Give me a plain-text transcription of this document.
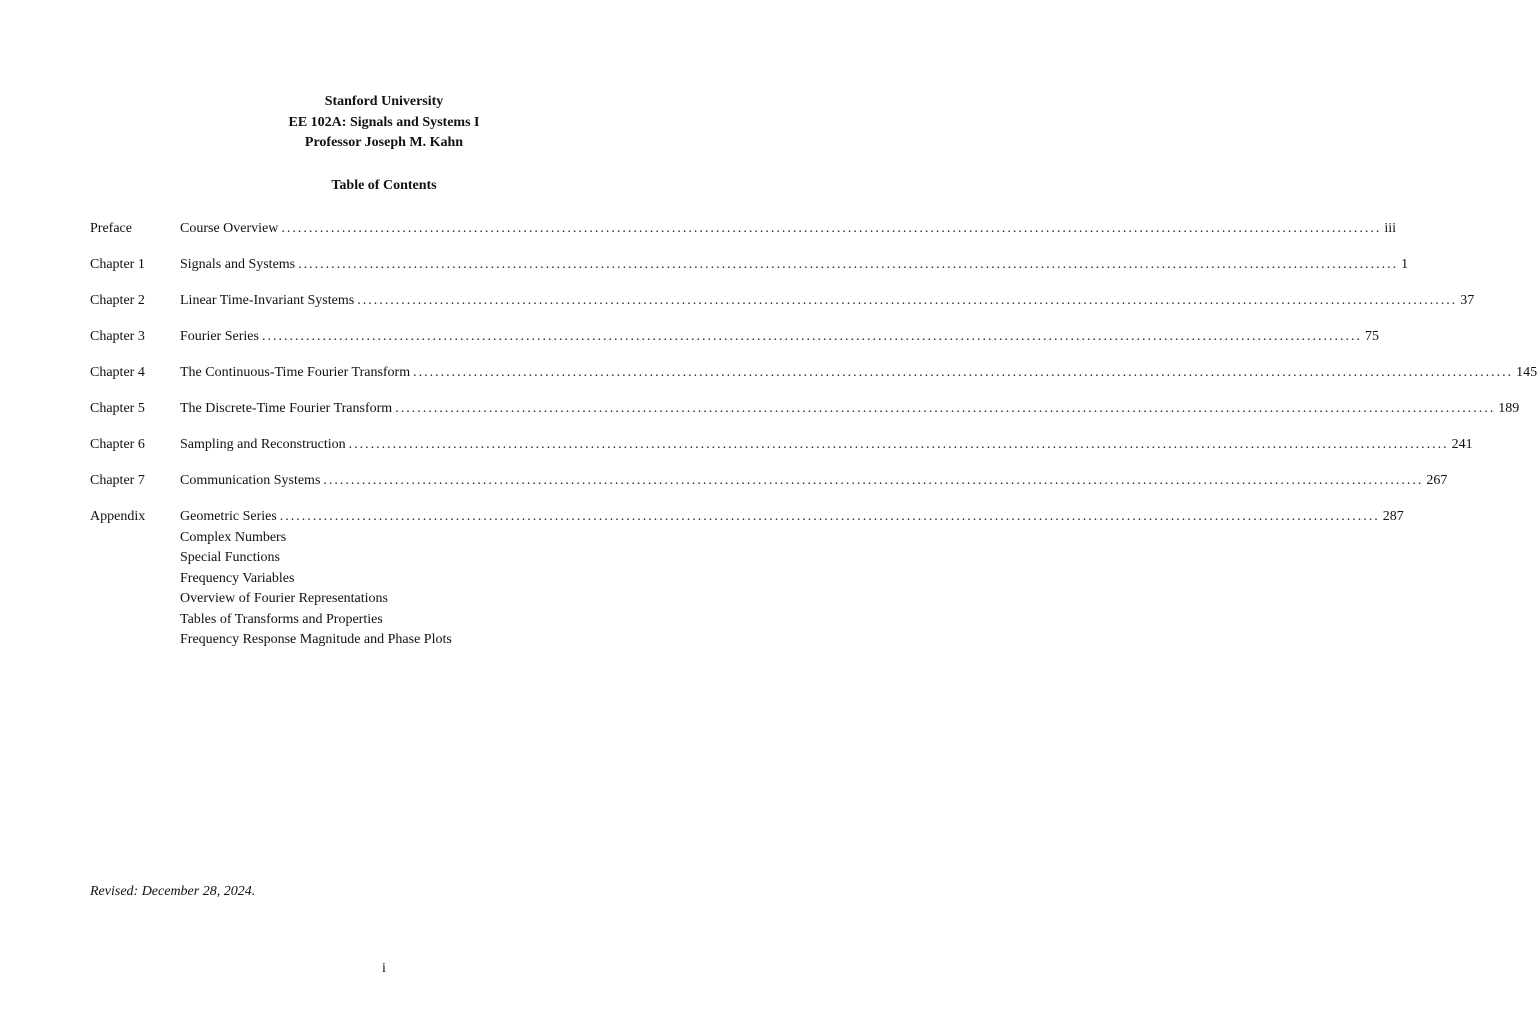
Stanford University
EE 102A: Signals and Systems I
Professor Joseph M. Kahn
Table of Contents
Preface	Course Overview ........................................................................................................................................................................................................ iii
Chapter 1	Signals and Systems ........................................................................................................................................................................................................ 1
Chapter 2	Linear Time-Invariant Systems ........................................................................................................................................................................................................ 37
Chapter 3	Fourier Series ........................................................................................................................................................................................................ 75
Chapter 4	The Continuous-Time Fourier Transform ........................................................................................................................................................................................................ 145
Chapter 5	The Discrete-Time Fourier Transform ........................................................................................................................................................................................................ 189
Chapter 6	Sampling and Reconstruction ........................................................................................................................................................................................................ 241
Chapter 7	Communication Systems ........................................................................................................................................................................................................ 267
Appendix Geometric Series ........................................................................................................................................................................................................ 287
Complex Numbers
Special Functions
Frequency Variables
Overview of Fourier Representations
Tables of Transforms and Properties
Frequency Response Magnitude and Phase Plots
Revised: December 28, 2024.
i
